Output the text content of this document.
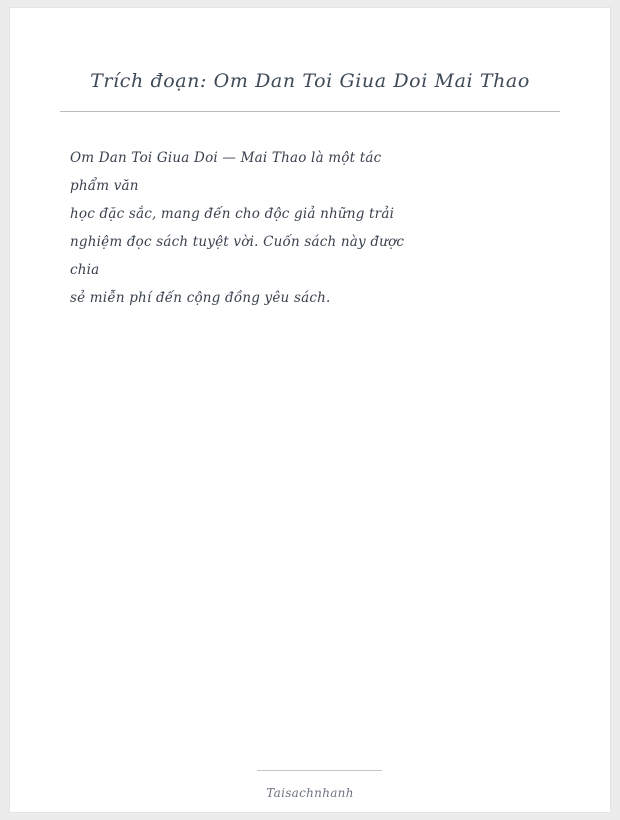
Trích đoạn: Om Dan Toi Giua Doi Mai Thao
Om Dan Toi Giua Doi — Mai Thao là một tác
phẩm văn
học đặc sắc, mang đến cho độc giả những trải
nghiệm đọc sách tuyệt vời. Cuốn sách này được
chia
sẻ miễn phí đến cộng đồng yêu sách.
Taisachnhanh
